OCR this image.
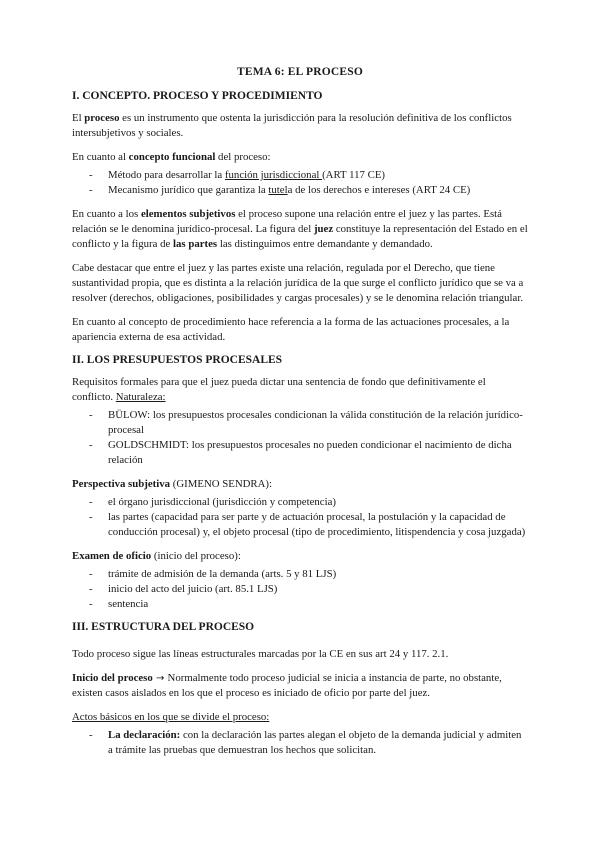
TEMA 6: EL PROCESO
I. CONCEPTO. PROCESO Y PROCEDIMIENTO

El proceso es un instrumento que ostenta la jurisdicción para la resolución definitiva de los conflictos intersubjetivos y sociales.

En cuanto al concepto funcional del proceso:

- Método para desarrollar la función jurisdiccional (ART 117 CE)
- Mecanismo jurídico que garantiza la tutela de los derechos e intereses (ART 24 CE)

En cuanto a los elementos subjetivos el proceso supone una relación entre el juez y las partes. Está relación se le denomina jurídico-procesal. La figura del juez constituye la representación del Estado en el conflicto y la figura de las partes las distinguimos entre demandante y demandado.

Cabe destacar que entre el juez y las partes existe una relación, regulada por el Derecho, que tiene sustantividad propia, que es distinta a la relación jurídica de la que surge el conflicto jurídico que se va a resolver (derechos, obligaciones, posibilidades y cargas procesales) y se le denomina relación triangular.

En cuanto al concepto de procedimiento hace referencia a la forma de las actuaciones procesales, a la apariencia externa de esa actividad.

II. LOS PRESUPUESTOS PROCESALES

Requisitos formales para que el juez pueda dictar una sentencia de fondo que definitivamente el conflicto. Naturaleza:

- BÜLOW: los presupuestos procesales condicionan la válida constitución de la relación jurídico-procesal
- GOLDSCHMIDT: los presupuestos procesales no pueden condicionar el nacimiento de dicha relación

Perspectiva subjetiva (GIMENO SENDRA):

- el órgano jurisdiccional (jurisdicción y competencia)
- las partes (capacidad para ser parte y de actuación procesal, la postulación y la capacidad de conducción procesal) y, el objeto procesal (tipo de procedimiento, litispendencia y cosa juzgada)

Examen de oficio (inicio del proceso):

- trámite de admisión de la demanda (arts. 5 y 81 LJS)
- inicio del acto del juicio (art. 85.1 LJS)
- sentencia
III. ESTRUCTURA DEL PROCESO

Todo proceso sigue las líneas estructurales marcadas por la CE en sus art 24 y 117. 2.1.

Inicio del proceso → Normalmente todo proceso judicial se inicia a instancia de parte, no obstante, existen casos aislados en los que el proceso es iniciado de oficio por parte del juez.

Actos básicos en los que se divide el proceso:

- La declaración: con la declaración las partes alegan el objeto de la demanda judicial y admiten a trámite las pruebas que demuestran los hechos que solicitan.
